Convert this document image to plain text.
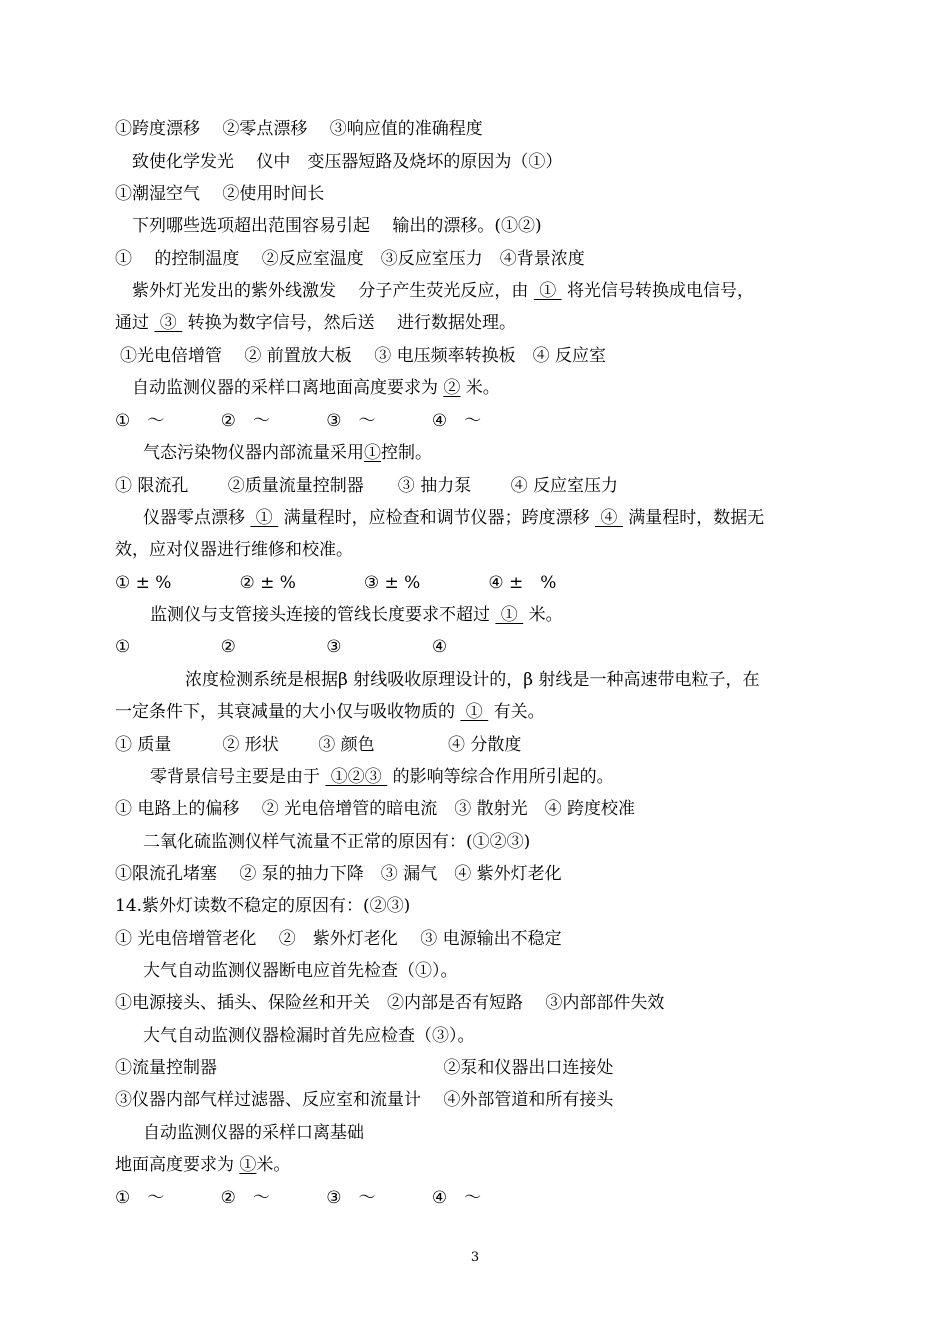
①跨度漂移　 ②零点漂移　 ③响应值的准确程度
致使化学发光　 仪中　变压器短路及烧坏的原因为（①）
①潮湿空气　 ②使用时间长
下列哪些选项超出范围容易引起　 输出的漂移。(①②)
①　 的控制温度　 ②反应室温度　③反应室压力　④背景浓度
紫外灯光发出的紫外线激发　 分子产生荧光反应，由  ①  将光信号转换成电信号，
通过  ③  转换为数字信号，然后送　 进行数据处理。
①光电倍增管　 ② 前置放大板　 ③ 电压频率转换板　④ 反应室
自动监测仪器的采样口离地面高度要求为 ② 米。
①　～　　　 ②　～　　　 ③　～　　　 ④　～
气态污染物仪器内部流量采用①控制。
① 限流孔　　 ②质量流量控制器　　③ 抽力泵　　 ④ 反应室压力
仪器零点漂移  ①  满量程时，应检查和调节仪器；跨度漂移  ④  满量程时，数据无
效，应对仪器进行维修和校准。
① ± %　　　　② ± %　　　　③ ± %　　　　④ ±　%
监测仪与支管接头连接的管线长度要求不超过  ①  米。
①　　　　　 ②　　　　　 ③　　　　　 ④
浓度检测系统是根据β 射线吸收原理设计的，β 射线是一种高速带电粒子，在
一定条件下，其衰减量的大小仅与吸收物质的  ①  有关。
① 质量　　　② 形状　　 ③ 颜色　　　　 ④ 分散度
零背景信号主要是由于  ①②③  的影响等综合作用所引起的。
① 电路上的偏移　 ② 光电倍增管的暗电流　③ 散射光　④ 跨度校准
二氧化硫监测仪样气流量不正常的原因有：(①②③)
①限流孔堵塞　 ② 泵的抽力下降　③ 漏气　④ 紫外灯老化
14.紫外灯读数不稳定的原因有：(②③)
① 光电倍增管老化　 ②　紫外灯老化　 ③ 电源输出不稳定
大气自动监测仪器断电应首先检查（①）。
①电源接头、插头、保险丝和开关　②内部是否有短路　 ③内部部件失效
大气自动监测仪器检漏时首先应检查（③）。
①流量控制器　　　　　　　　　　　　　 ②泵和仪器出口连接处
③仪器内部气样过滤器、反应室和流量计　 ④外部管道和所有接头
自动监测仪器的采样口离基础
地面高度要求为 ①米。
①　～　　　 ②　～　　　 ③　～　　　 ④　～
3
